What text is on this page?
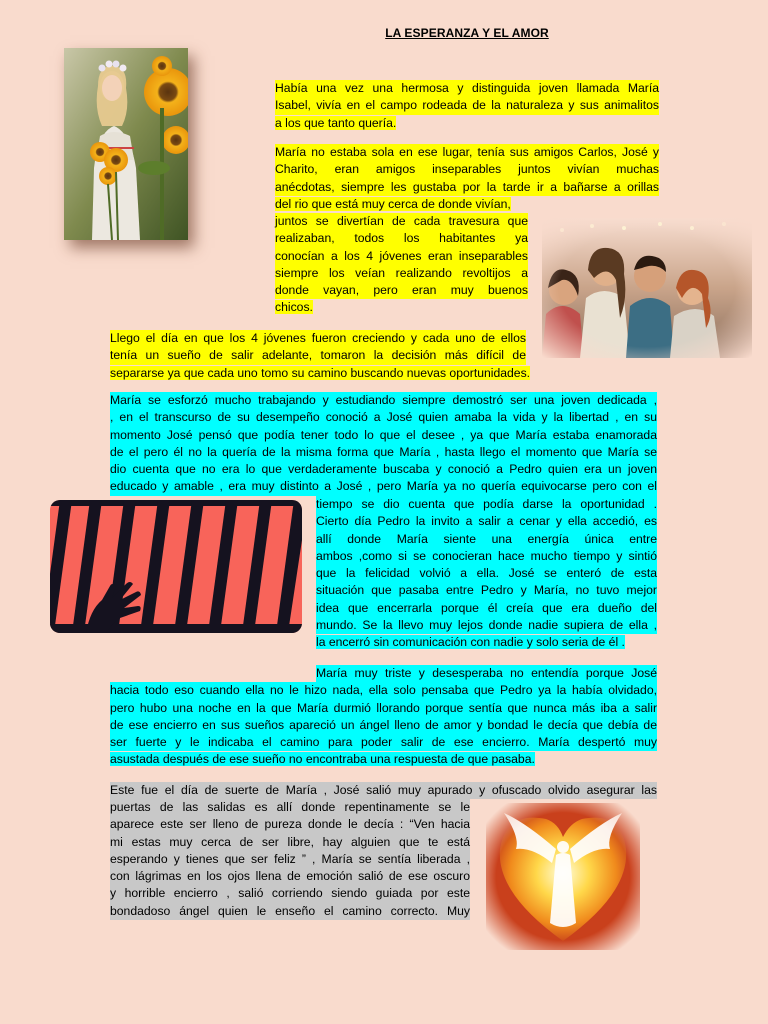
LA ESPERANZA Y EL AMOR
Había una vez una hermosa y distinguida joven llamada María
Isabel, vivía en el campo rodeada de la naturaleza y sus animalitos
a los que tanto quería.
María no estaba sola en ese lugar, tenía sus amigos Carlos, José y
Charito, eran amigos inseparables juntos vivían muchas
anécdotas, siempre les gustaba por la tarde ir a bañarse a orillas
del rio que está muy cerca de donde vivían,
juntos se divertían de cada travesura que
realizaban, todos los habitantes ya
conocían a los 4 jóvenes eran inseparables
siempre los veían realizando revoltijos a
donde vayan, pero eran muy buenos
chicos.
Llego el día en que los 4 jóvenes fueron creciendo y cada uno de ellos
tenía un sueño de salir adelante, tomaron la decisión más difícil de
separarse ya que cada uno tomo su camino buscando nuevas oportunidades.
María se esforzó mucho trabajando y estudiando siempre demostró ser una joven dedicada ,
, en el transcurso de su desempeño conoció a José quien amaba la vida y la libertad , en su
momento José pensó que podía tener todo lo que el desee , ya que María estaba enamorada
de el pero él no la quería de la misma forma que María , hasta llego el momento que María se
dio cuenta que no era lo que verdaderamente buscaba y conoció a Pedro quien era un joven
educado y amable , era muy distinto a José , pero María ya no quería equivocarse pero con el
tiempo se dio cuenta que podía darse la oportunidad .
Cierto día Pedro la invito a salir a cenar y ella accedió, es
allí donde María siente una energía única entre
ambos ,como si se conocieran hace mucho tiempo y sintió
que la felicidad volvió a ella. José se enteró de esta
situación que pasaba entre Pedro y María, no tuvo mejor
idea que encerrarla porque él creía que era dueño del
mundo. Se la llevo muy lejos donde nadie supiera de ella ,
la encerró sin comunicación con nadie y solo seria de él .
María muy triste y desesperaba no entendía porque José
hacia todo eso cuando ella no le hizo nada, ella solo pensaba que Pedro ya la había olvidado,
pero hubo una noche en la que María durmió llorando porque sentía que nunca más iba a salir
de ese encierro en sus sueños apareció un ángel lleno de amor y bondad le decía que debía de
ser fuerte y le indicaba el camino para poder salir de ese encierro. María despertó muy
asustada después de ese sueño no encontraba una respuesta de que pasaba.
Este fue el día de suerte de María , José salió muy apurado y ofuscado olvido asegurar las
puertas de las salidas es allí donde repentinamente se le
aparece este ser lleno de pureza donde le decía : “Ven hacia
mi estas muy cerca de ser libre, hay alguien que te está
esperando y tienes que ser feliz ” , María se sentía liberada ,
con lágrimas en los ojos llena de emoción salió de ese oscuro
y horrible encierro , salió corriendo siendo guiada por este
bondadoso ángel quien le enseño el camino correcto. Muy
